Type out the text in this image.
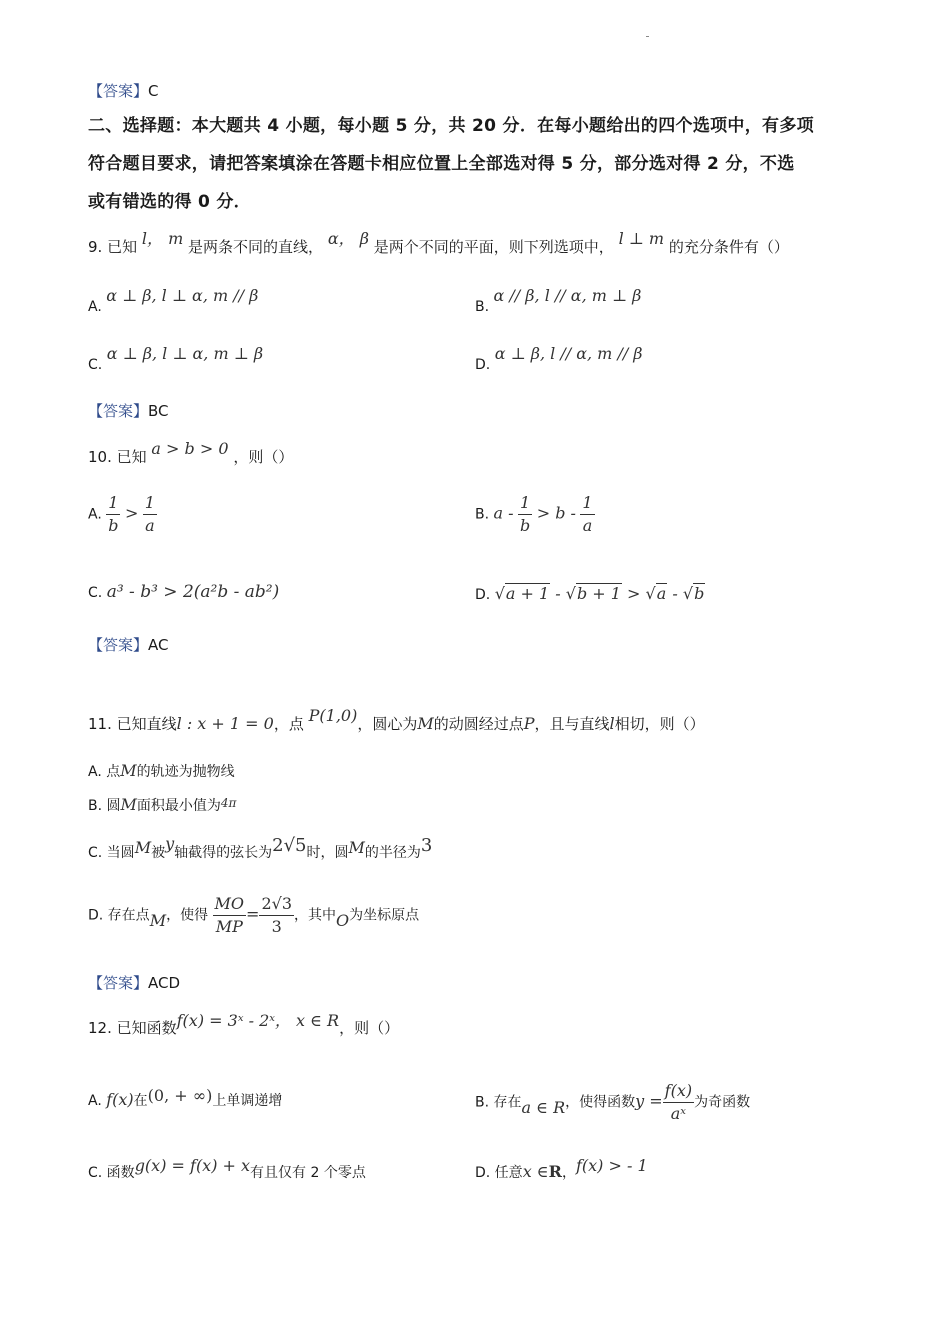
【答案】C
二、选择题：本大题共 4 小题，每小题 5 分，共 20 分．在每小题给出的四个选项中，有多项
符合题目要求，请把答案填涂在答题卡相应位置上全部选对得 5 分，部分选对得 2 分，不选
或有错选的得 0 分．
9. 已知 l， m 是两条不同的直线， α， β 是两个不同的平面，则下列选项中， l ⊥ m 的充分条件有（）
A. α ⊥ β, l ⊥ α, m // β
B. α // β, l // α, m ⊥ β
C. α ⊥ β, l ⊥ α, m ⊥ β
D. α ⊥ β, l // α, m // β
【答案】BC
10. 已知 a > b > 0 ，则（）
A. $\frac{1}{b} > \frac{1}{a}$	B. $a - \frac{1}{b} > b - \frac{1}{a}$
C. a³ - b³ > 2(a²b - ab²)	D. √a + 1 - √b + 1 > √a - √b
【答案】AC
11. 已知直线l : x + 1 = 0，点 P(1,0)，圆心为M的动圆经过点P，且与直线l相切，则（）
A. 点M的轨迹为抛物线
B. 圆M面积最小值为4π
C. 当圆M被y轴截得的弦长为2√5时，圆M的半径为3
D. 存在点M，使得 $\frac{MO}{MP} = \frac{2√3}{3}$ ，其中O为坐标原点
【答案】ACD
12. 已知函数f(x) = 3ˣ - 2ˣ， x ∈ R，则（）
A. f(x)在(0, + ∞)上单调递增	B. 存在a ∈ R，使得函数$y = \frac{f(x)}{\text{aˣ}}$ 为奇函数
C. 函数g(x) = f(x) + x有且仅有 2 个零点	D. 任意x ∈R，f(x) > - 1
